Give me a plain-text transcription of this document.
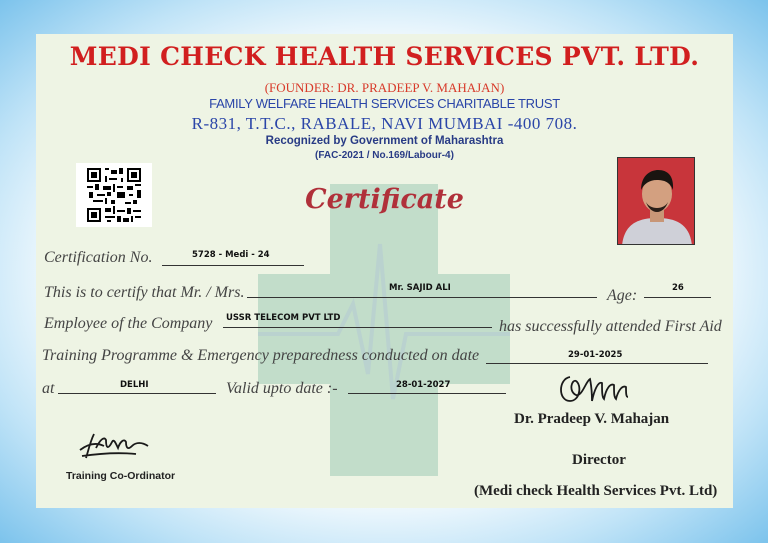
MEDI CHECK HEALTH SERVICES PVT. LTD.
(FOUNDER: DR. PRADEEP V. MAHAJAN)
FAMILY WELFARE HEALTH SERVICES CHARITABLE TRUST
R-831, T.T.C., RABALE, NAVI MUMBAI -400 708.
Recognized by Government of Maharashtra
(FAC-2021 / No.169/Labour-4)
Certificate
Certification No.	5728 - Medi - 24
This is to certify that Mr. / Mrs.	Mr. SAJID ALI	Age:	26
Employee of the Company USSR TELECOM PVT LTD	has successfully attended First Aid
Training Programme & Emergency preparedness conducted on date	29-01-2025
at	DELHI	Valid upto date :-	28-01-2027
Dr. Pradeep V. Mahajan
Director
(Medi check Health Services Pvt. Ltd)
Training Co-Ordinator
